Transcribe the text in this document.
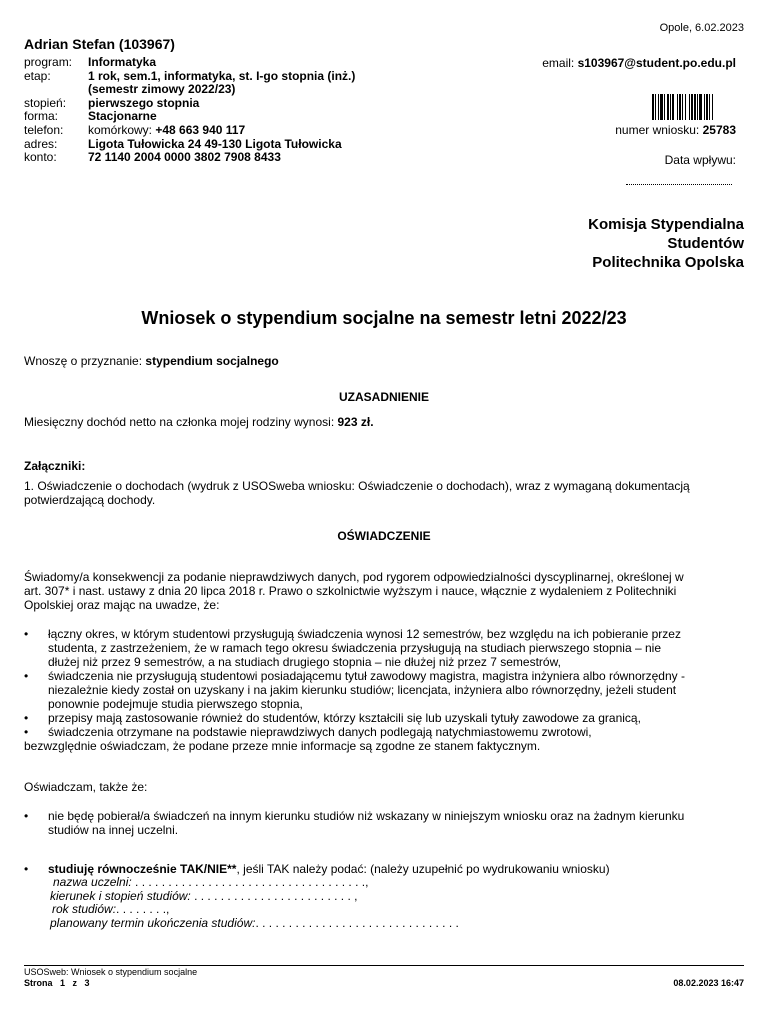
Adrian Stefan (103967)
program:	Informatyka
etap:	1 rok, sem.1, informatyka, st. I-go stopnia (inż.)
	(semestr zimowy 2022/23)
stopień:	pierwszego stopnia
forma:	Stacjonarne
telefon:	komórkowy: +48 663 940 117
adres:	Ligota Tułowicka 24 49-130 Ligota Tułowicka
konto:	72 1140 2004 0000 3802 7908 8433
Opole, 6.02.2023
email: s103967@student.po.edu.pl
numer wniosku: 25783
Data wpływu:
Komisja Stypendialna
Studentów
Politechnika Opolska
Wniosek o stypendium socjalne na semestr letni 2022/23
Wnoszę o przyznanie: stypendium socjalnego
UZASADNIENIE
Miesięczny dochód netto na członka mojej rodziny wynosi: 923 zł.
Załączniki:
1. Oświadczenie o dochodach (wydruk z USOSweba wniosku: Oświadczenie o dochodach), wraz z wymaganą dokumentacją
potwierdzającą dochody.
OŚWIADCZENIE
Świadomy/a konsekwencji za podanie nieprawdziwych danych, pod rygorem odpowiedzialności dyscyplinarnej, określonej w
art. 307* i nast. ustawy z dnia 20 lipca 2018 r. Prawo o szkolnictwie wyższym i nauce, włącznie z wydaleniem z Politechniki
Opolskiej oraz mając na uwadze, że:
• łączny okres, w którym studentowi przysługują świadczenia wynosi 12 semestrów, bez względu na ich pobieranie przez
studenta, z zastrzeżeniem, że w ramach tego okresu świadczenia przysługują na studiach pierwszego stopnia – nie
dłużej niż przez 9 semestrów, a na studiach drugiego stopnia – nie dłużej niż przez 7 semestrów,
• świadczenia nie przysługują studentowi posiadającemu tytuł zawodowy magistra, magistra inżyniera albo równorzędny -
niezależnie kiedy został on uzyskany i na jakim kierunku studiów; licencjata, inżyniera albo równorzędny, jeżeli student
ponownie podejmuje studia pierwszego stopnia,
• przepisy mają zastosowanie również do studentów, którzy kształcili się lub uzyskali tytuły zawodowe za granicą,
• świadczenia otrzymane na podstawie nieprawdziwych danych podlegają natychmiastowemu zwrotowi,
bezwzględnie oświadczam, że podane przeze mnie informacje są zgodne ze stanem faktycznym.
Oświadczam, także że:
• nie będę pobierał/a świadczeń na innym kierunku studiów niż wskazany w niniejszym wniosku oraz na żadnym kierunku
studiów na innej uczelni.
• studiuję równocześnie TAK/NIE**, jeśli TAK należy podać: (należy uzupełnić po wydrukowaniu wniosku)
nazwa uczelni: . . . . . . . . . . . . . . . . . . . . . . . . . . . . . . . . . . .,
kierunek i stopień studiów: . . . . . . . . . . . . . . . . . . . . . . . . ,
rok studiów:. . . . . . . .,
planowany termin ukończenia studiów:. . . . . . . . . . . . . . . . . . . . . . . . . . . . . . .
USOSweb: Wniosek o stypendium socjalne
Strona   1   z   3	08.02.2023 16:47
